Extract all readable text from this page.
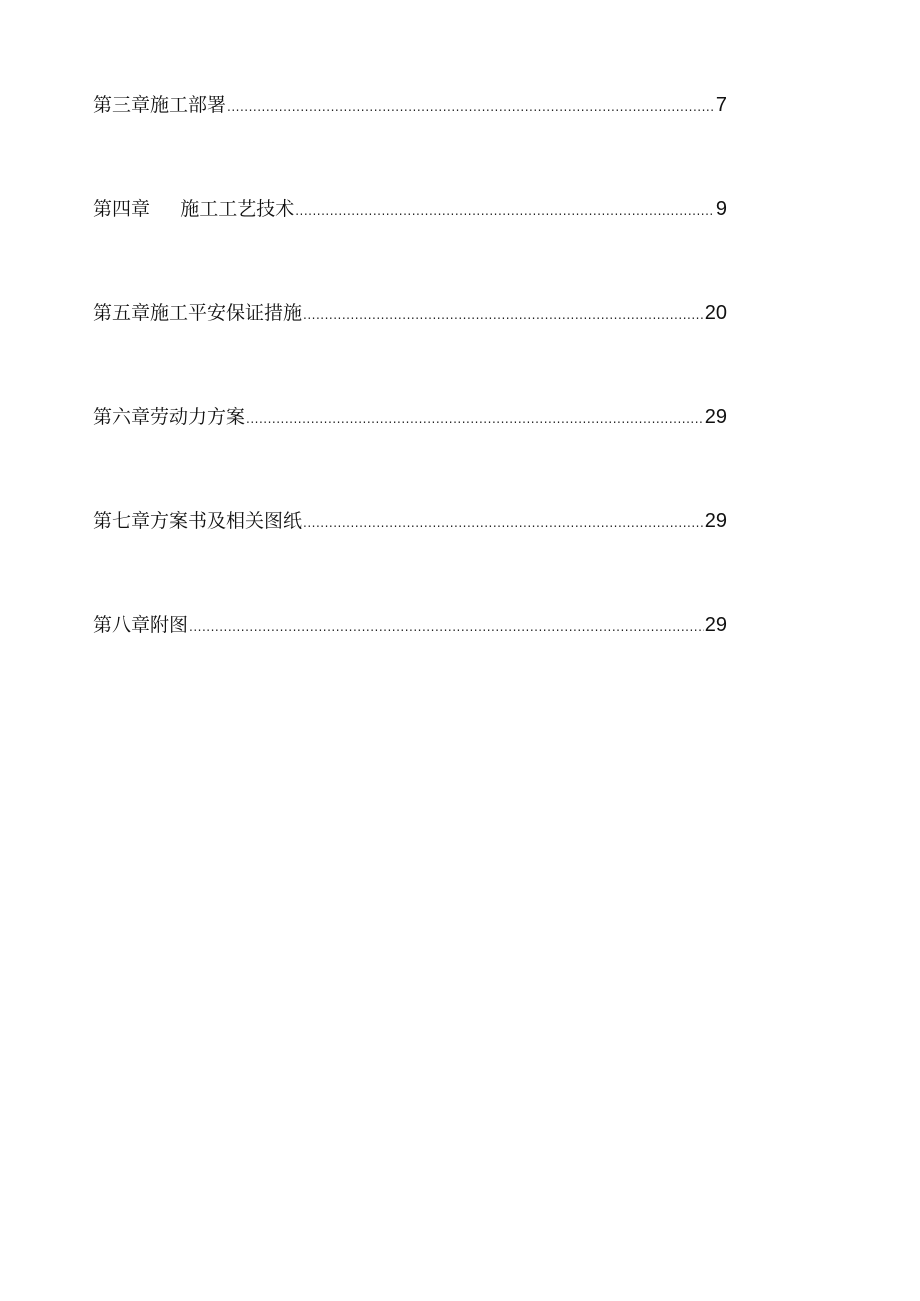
第三章施工部署 .....	7
第四章     施工工艺技术 .....	9
第五章施工平安保证措施 .....	20
第六章劳动力方案 .....	29
第七章方案书及相关图纸 .....	29
第八章附图 .....	29
